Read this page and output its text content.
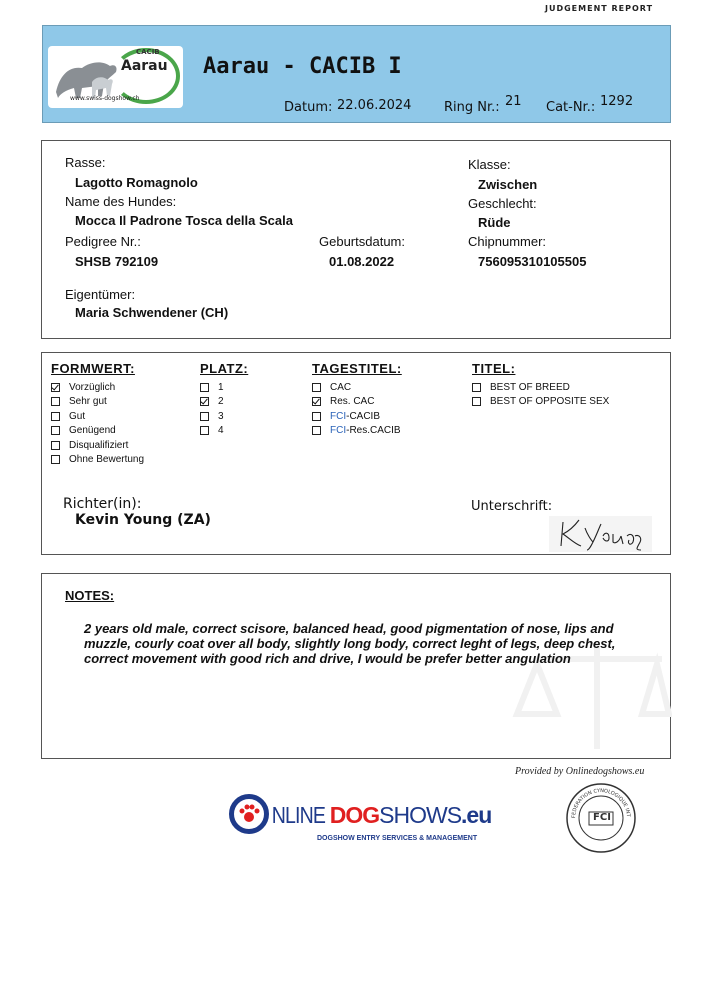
JUDGEMENT REPORT
CACIB
Aarau
www.swiss-dogshow.ch
Aarau - CACIB I
Datum: 22.06.2024	Ring Nr.: 21 Cat-Nr.: 1292
Rasse:
Lagotto Romagnolo
Name des Hundes:
Mocca Il Padrone Tosca della Scala
Pedigree Nr.:
SHSB 792109
Geburtsdatum:
01.08.2022
Eigentümer:
Maria Schwendener (CH)
Klasse:
Zwischen
Geschlecht:
Rüde
Chipnummer:
756095310105505
FORMWERT:
Vorzüglich
Sehr gut
Gut
Genügend
Disqualifiziert
Ohne Bewertung
PLATZ:
1
2
3
4
TAGESTITEL:
CAC
Res. CAC
FCI -CACIB
FCI -Res.CACIB
TITEL:
BEST OF BREED
BEST OF OPPOSITE SEX
Richter(in):
Kevin Young (ZA)
Unterschrift:
NOTES:
2 years old male, correct scisore, balanced head, good pigmentation of nose, lips and muzzle, courly coat over all body, slightly long body, correct leght of legs, deep chest, correct movement with good rich and drive, I would be prefer better angulation
Provided by Onlinedogshows.eu
NLINE DOGSHOWS.eu
DOGSHOW ENTRY SERVICES & MANAGEMENT
FEDERATION CYNOLOGIQUE INT
FCI
